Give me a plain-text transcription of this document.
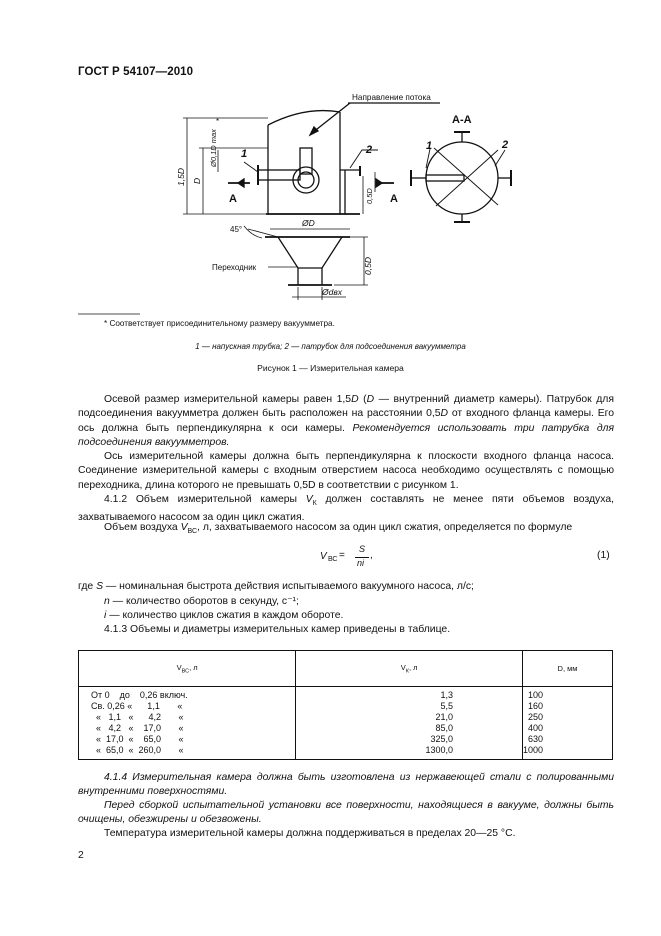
ГОСТ Р 54107—2010
Направление потока
А-А
Переходник
А	А
1	2	1	2
1,5D D
Ø0,1D max
*
0,5D
ØD
45°
0,5D
Ødвх
* Соответствует присоединительному размеру вакуумметра.
1 — напускная трубка; 2 — патрубок для подсоединения вакуумметра
Рисунок 1 — Измерительная камера
Осевой размер измерительной камеры равен 1,5D (D — внутренний диаметр камеры). Патрубок для подсоединения вакуумметра должен быть расположен на расстоянии 0,5D от входного фланца камеры. Его ось должна быть перпендикулярна к оси камеры. Рекомендуется использовать три патрубка для подсоединения вакуумметров.
Ось измерительной камеры должна быть перпендикулярна к плоскости входного фланца насоса. Соединение измерительной камеры с входным отверстием насоса необходимо осуществлять с помощью переходника, длина которого не превышать 0,5D в соответствии с рисунком 1.
4.1.2 Объем измерительной камеры $V_К$ должен составлять не менее пяти объемов воздуха, захватываемого насосом за один цикл сжатия.
Объем воздуха $V_{ВС}$, л, захватываемого насосом за один цикл сжатия, определяется по формуле
V ВС =
S
ni
,	(1)
где S — номинальная быстрота действия испытываемого вакуумного насоса, л/с;
n — количество оборотов в секунду, с⁻¹;
i — количество циклов сжатия в каждом обороте.
4.1.3 Объемы и диаметры измерительных камер приведены в таблице.
$V_{ВС}$, л	$V_К$, л	D, мм
От 0    до    0,26 включ.	1,3	100
Св. 0,26 «      1,1       «	5,5	160
«   1,1   «      4,2       «	21,0	250
«   4,2   «    17,0       «	85,0	400
«  17,0  «    65,0       «	325,0	630
«  65,0  «  260,0       «	1300,0	1000
4.1.4 Измерительная камера должна быть изготовлена из нержавеющей стали с полированными внутренними поверхностями.
Перед сборкой испытательной установки все поверхности, находящиеся в вакууме, должны быть очищены, обезжирены и обезвожены.
Температура измерительной камеры должна поддерживаться в пределах 20—25 °С.
2
